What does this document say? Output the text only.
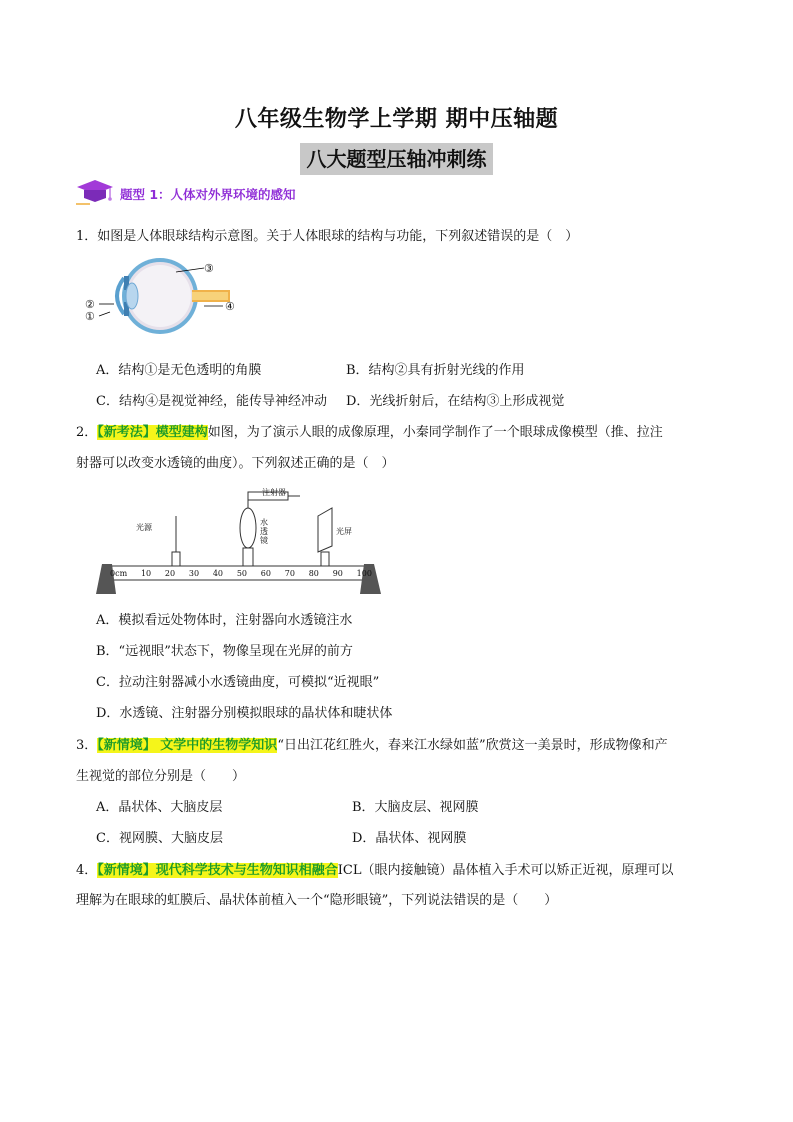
八年级生物学上学期 期中压轴题
八大题型压轴冲刺练
题型 1：人体对外界环境的感知
1．如图是人体眼球结构示意图。关于人体眼球的结构与功能，下列叙述错误的是（　）
③
②
①
④
A．结构①是无色透明的角膜	B．结构②具有折射光线的作用
C．结构④是视觉神经，能传导神经冲动 D．光线折射后，在结构③上形成视觉
2．【新考法】模型建构如图，为了演示人眼的成像原理，小秦同学制作了一个眼球成像模型（推、拉注
射器可以改变水透镜的曲度）。下列叙述正确的是（　）
注射器
光源
水透镜
光屏
0cm 10 20 30 40 50 60 70 80 90 100
A．模拟看远处物体时，注射器向水透镜注水
B．“远视眼”状态下，物像呈现在光屏的前方
C．拉动注射器减小水透镜曲度，可模拟“近视眼”
D．水透镜、注射器分别模拟眼球的晶状体和睫状体
3．【新情境】 文学中的生物学知识“日出江花红胜火，春来江水绿如蓝”欣赏这一美景时，形成物像和产
生视觉的部位分别是（　　）
A．晶状体、大脑皮层	B．大脑皮层、视网膜
C．视网膜、大脑皮层	D．晶状体、视网膜
4．【新情境】现代科学技术与生物知识相融合ICL（眼内接触镜）晶体植入手术可以矫正近视，原理可以
理解为在眼球的虹膜后、晶状体前植入一个“隐形眼镜”，下列说法错误的是（　　）
